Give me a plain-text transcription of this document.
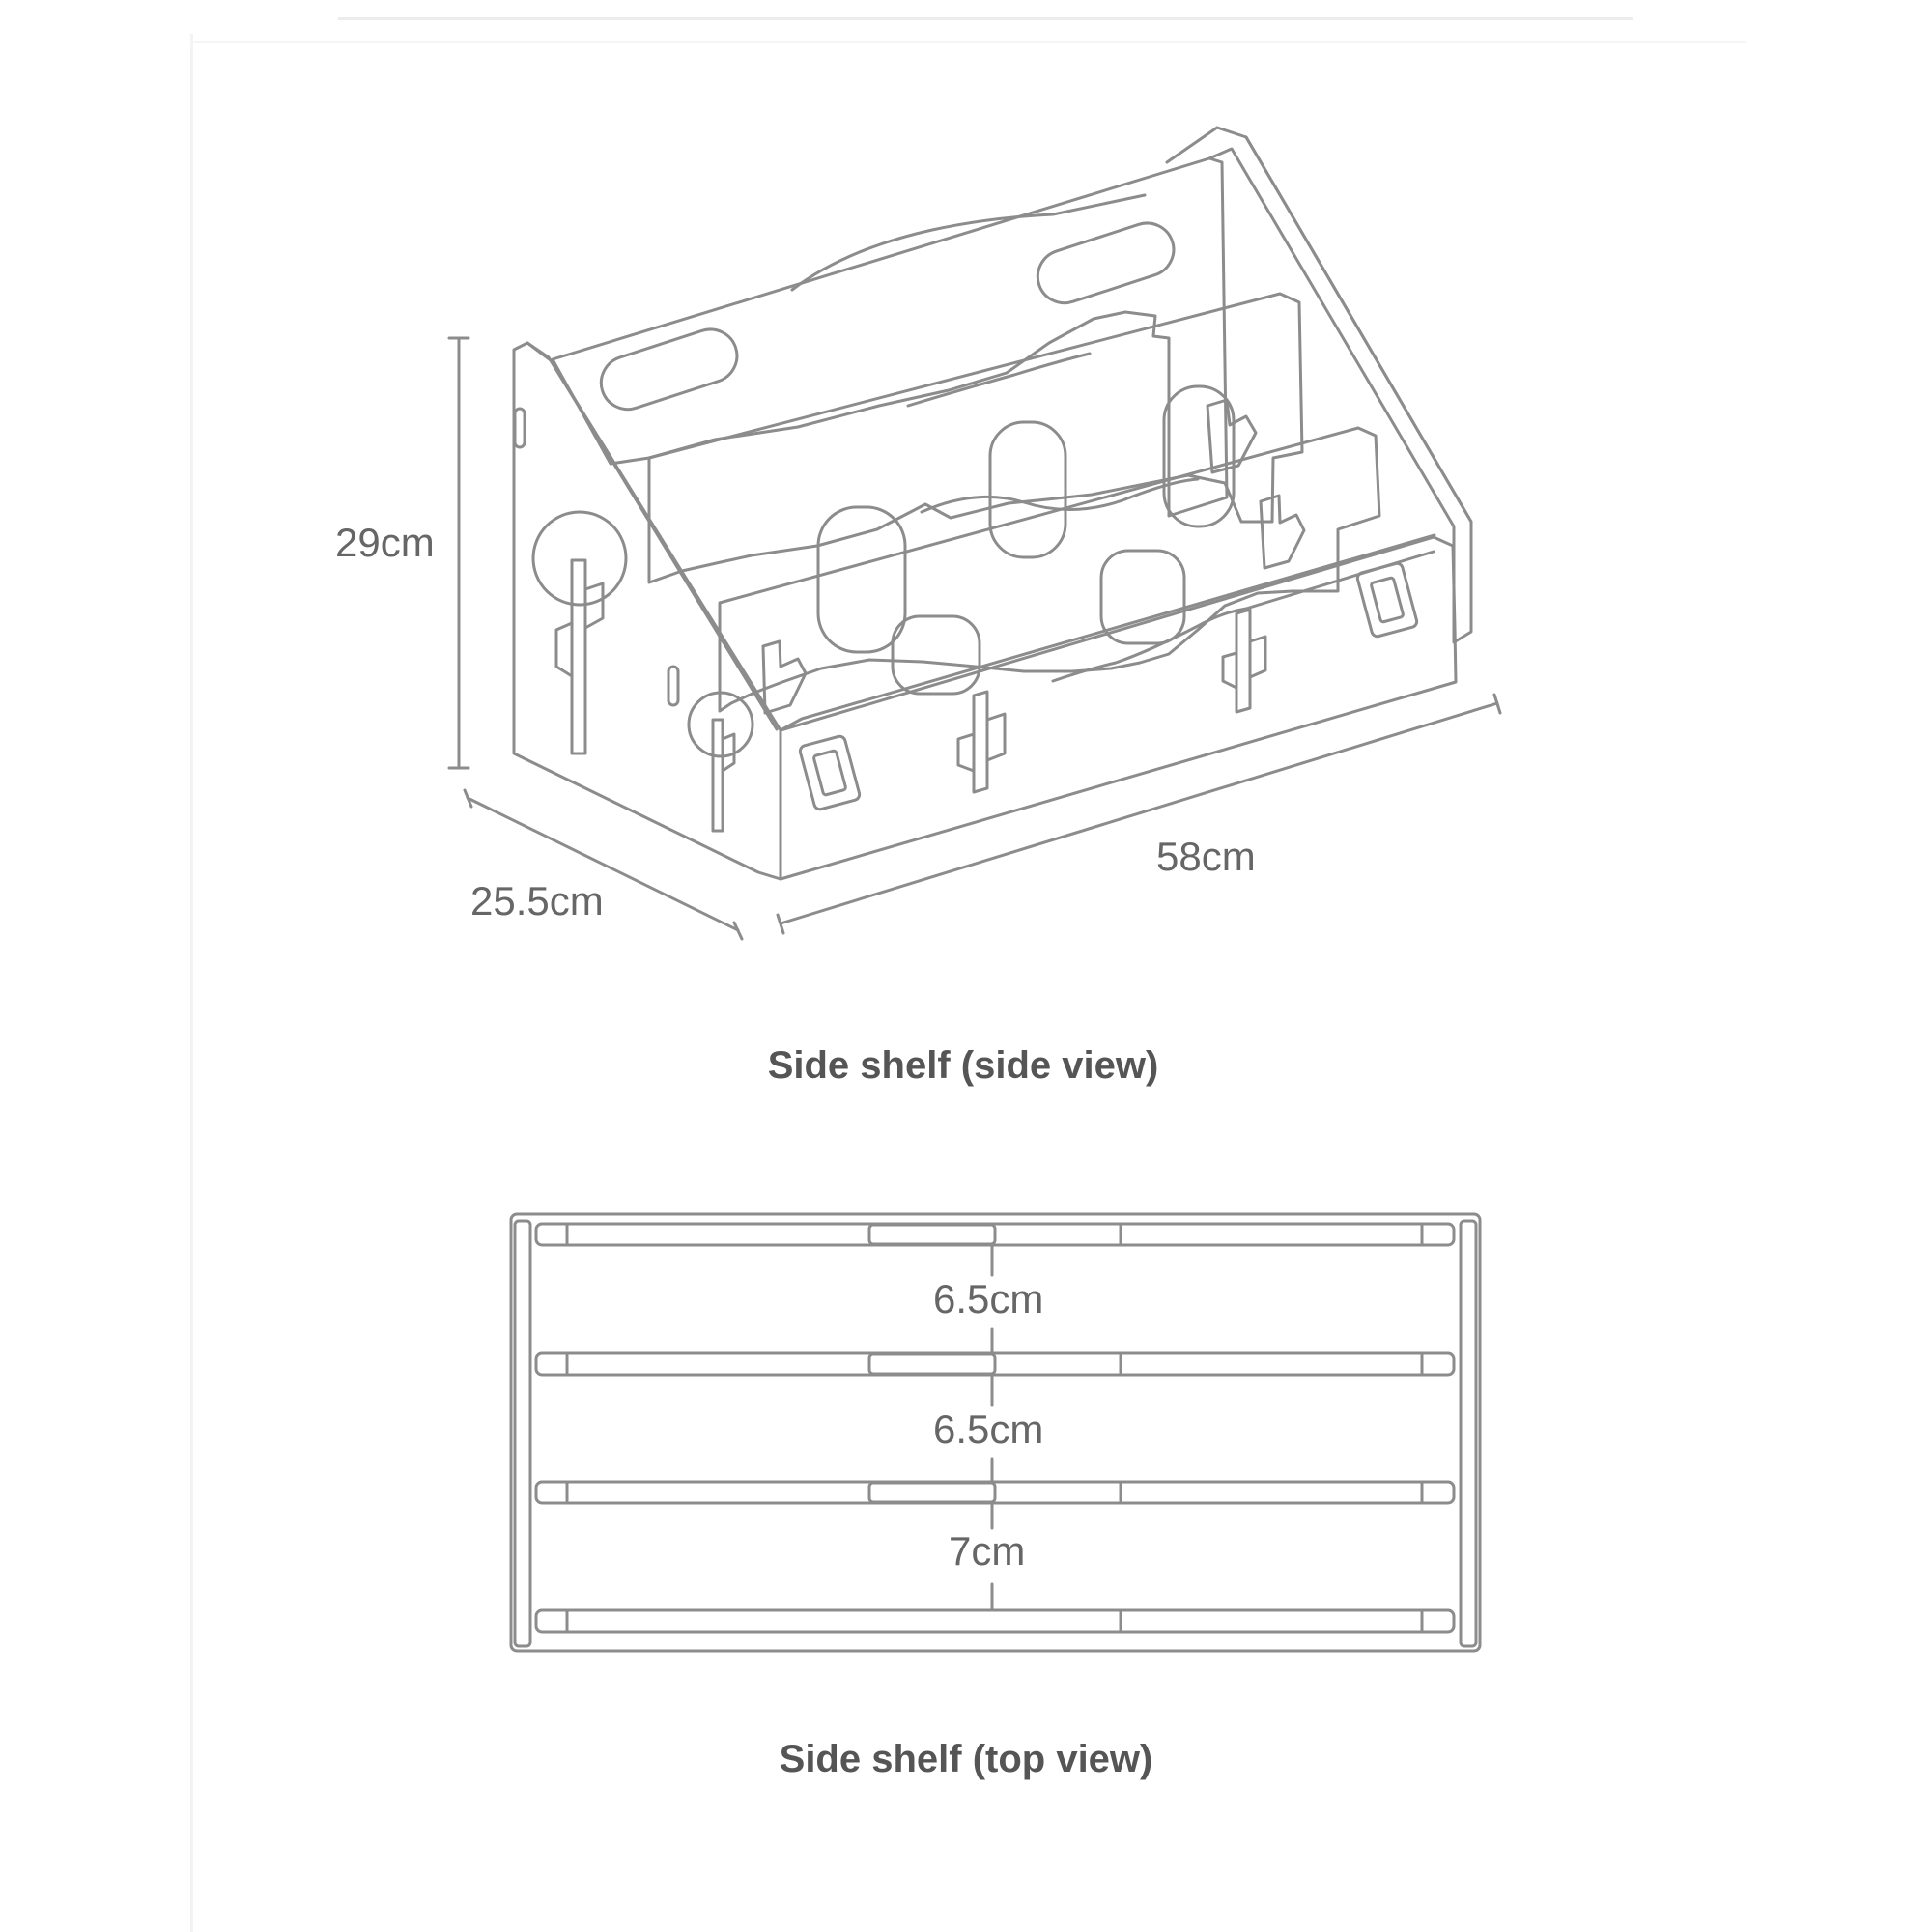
29cm
25.5cm
58cm
Side shelf (side view)
6.5cm
6.5cm
7cm
Side shelf (top view)
